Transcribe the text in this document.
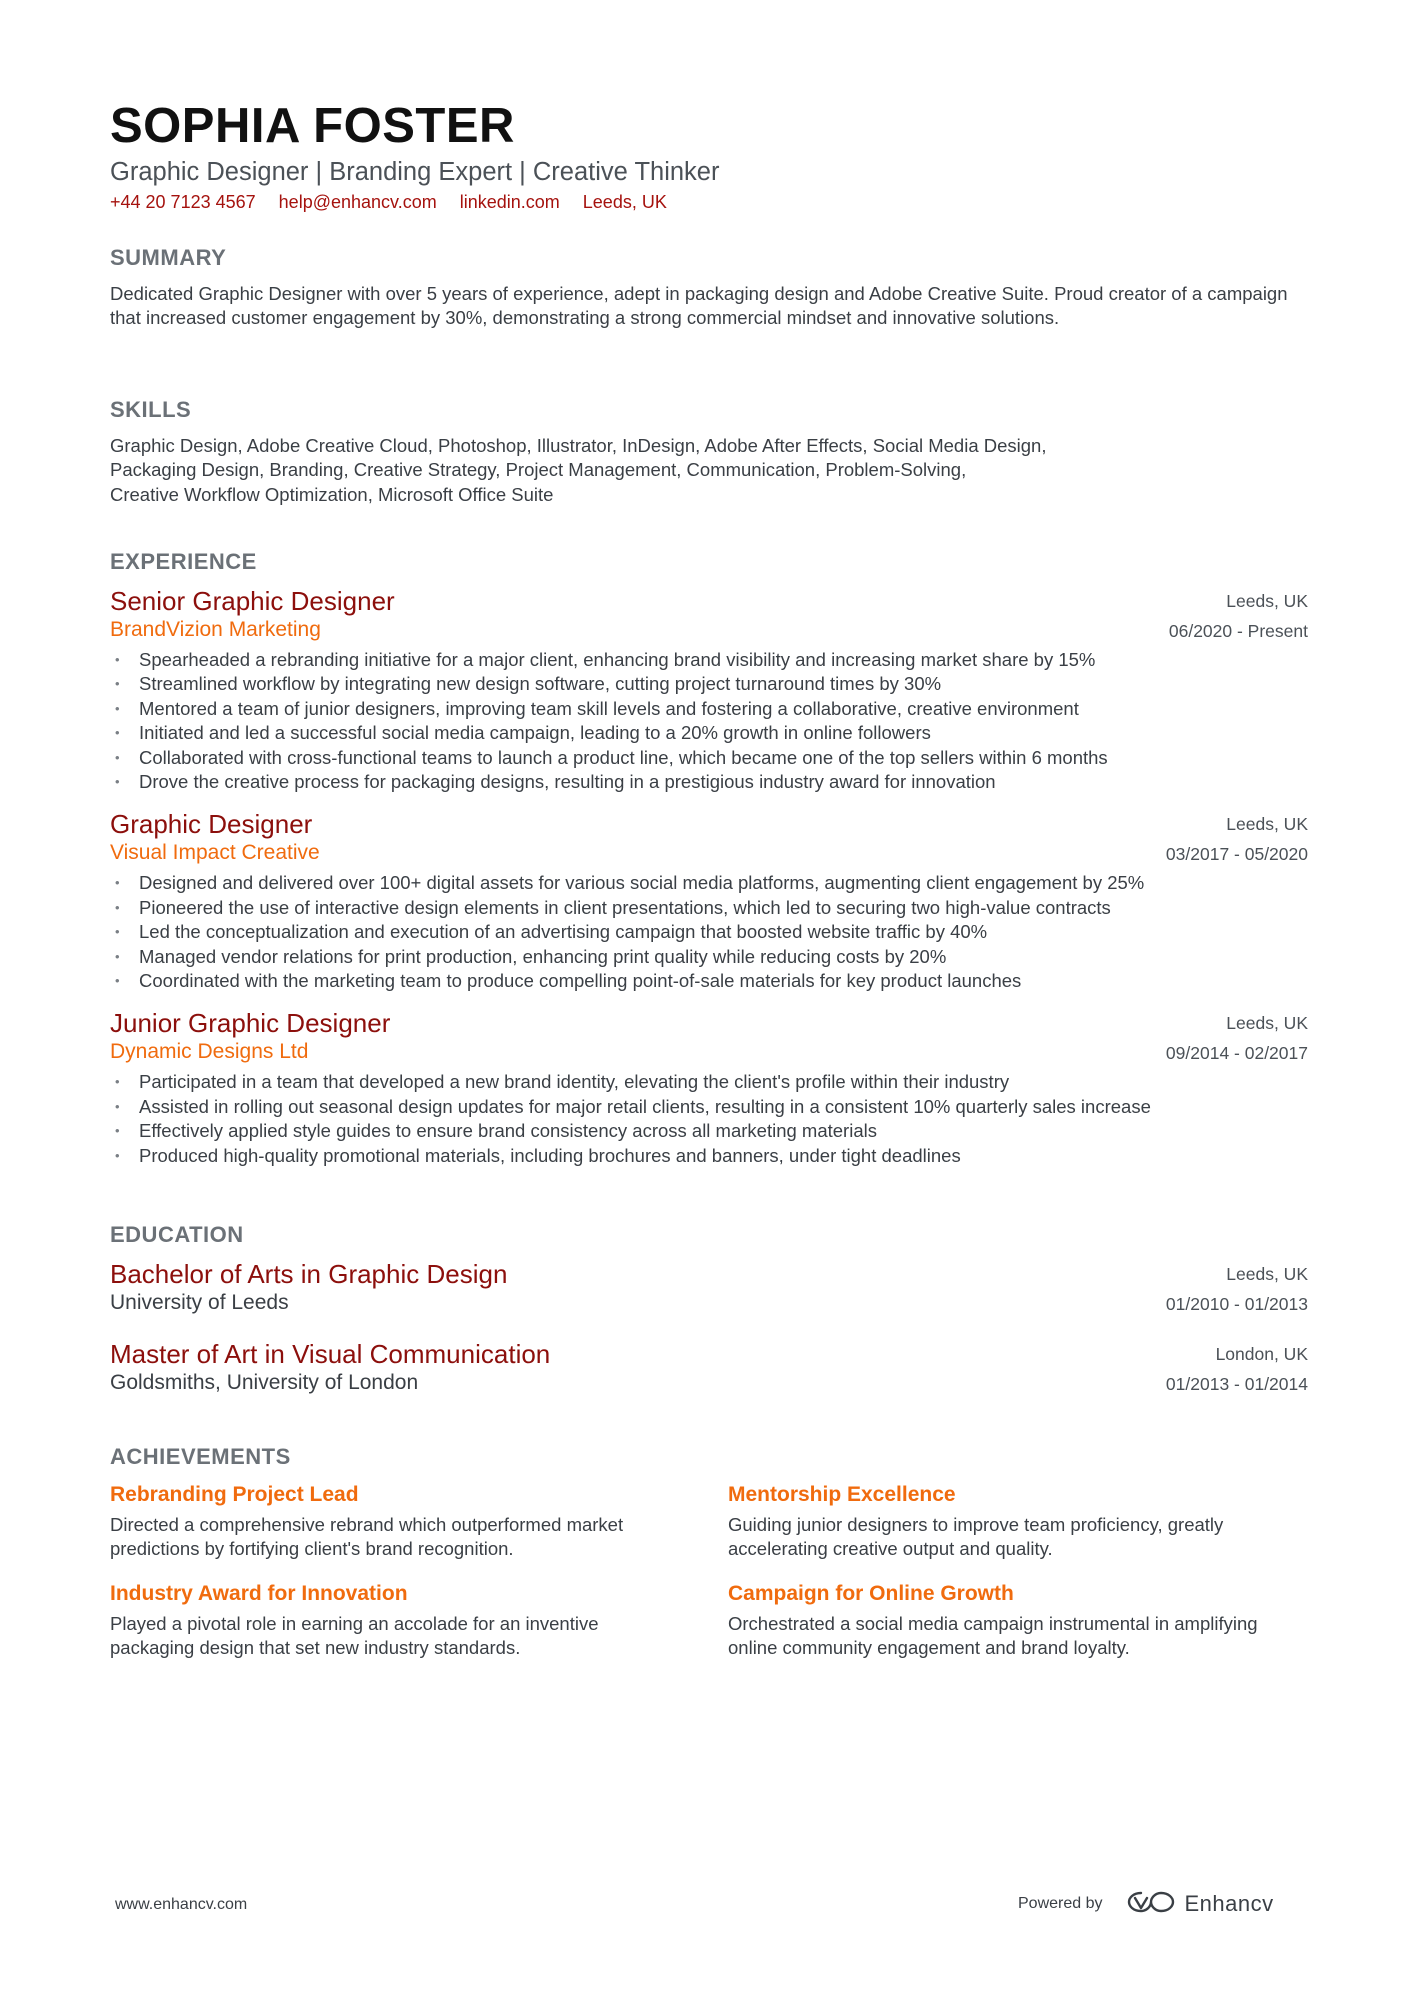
SOPHIA FOSTER
Graphic Designer | Branding Expert | Creative Thinker
+44 20 7123 4567 help@enhancv.com linkedin.com Leeds, UK
SUMMARY
Dedicated Graphic Designer with over 5 years of experience, adept in packaging design and Adobe Creative Suite. Proud creator of a campaign that increased customer engagement by 30%, demonstrating a strong commercial mindset and innovative solutions.
SKILLS
Graphic Design, Adobe Creative Cloud, Photoshop, Illustrator, InDesign, Adobe After Effects, Social Media Design,
Packaging Design, Branding, Creative Strategy, Project Management, Communication, Problem-Solving,
Creative Workflow Optimization, Microsoft Office Suite
EXPERIENCE
Leeds, UK
06/2020 - Present
Senior Graphic Designer
BrandVizion Marketing
• Spearheaded a rebranding initiative for a major client, enhancing brand visibility and increasing market share by 15%
• Streamlined workflow by integrating new design software, cutting project turnaround times by 30%
• Mentored a team of junior designers, improving team skill levels and fostering a collaborative, creative environment
• Initiated and led a successful social media campaign, leading to a 20% growth in online followers
• Collaborated with cross-functional teams to launch a product line, which became one of the top sellers within 6 months
• Drove the creative process for packaging designs, resulting in a prestigious industry award for innovation
Leeds, UK
03/2017 - 05/2020
Graphic Designer
Visual Impact Creative
• Designed and delivered over 100+ digital assets for various social media platforms, augmenting client engagement by 25%
• Pioneered the use of interactive design elements in client presentations, which led to securing two high-value contracts
• Led the conceptualization and execution of an advertising campaign that boosted website traffic by 40%
• Managed vendor relations for print production, enhancing print quality while reducing costs by 20%
• Coordinated with the marketing team to produce compelling point-of-sale materials for key product launches
Leeds, UK
09/2014 - 02/2017
Junior Graphic Designer
Dynamic Designs Ltd
• Participated in a team that developed a new brand identity, elevating the client's profile within their industry
• Assisted in rolling out seasonal design updates for major retail clients, resulting in a consistent 10% quarterly sales increase
• Effectively applied style guides to ensure brand consistency across all marketing materials
• Produced high-quality promotional materials, including brochures and banners, under tight deadlines
EDUCATION
Leeds, UK
01/2010 - 01/2013
Bachelor of Arts in Graphic Design
University of Leeds
London, UK
01/2013 - 01/2014
Master of Art in Visual Communication
Goldsmiths, University of London
ACHIEVEMENTS
Rebranding Project Lead
Directed a comprehensive rebrand which outperformed market predictions by fortifying client's brand recognition.
Mentorship Excellence
Guiding junior designers to improve team proficiency, greatly accelerating creative output and quality.
Industry Award for Innovation
Played a pivotal role in earning an accolade for an inventive packaging design that set new industry standards.
Campaign for Online Growth
Orchestrated a social media campaign instrumental in amplifying online community engagement and brand loyalty.
www.enhancv.com	Powered by	Enhancv
